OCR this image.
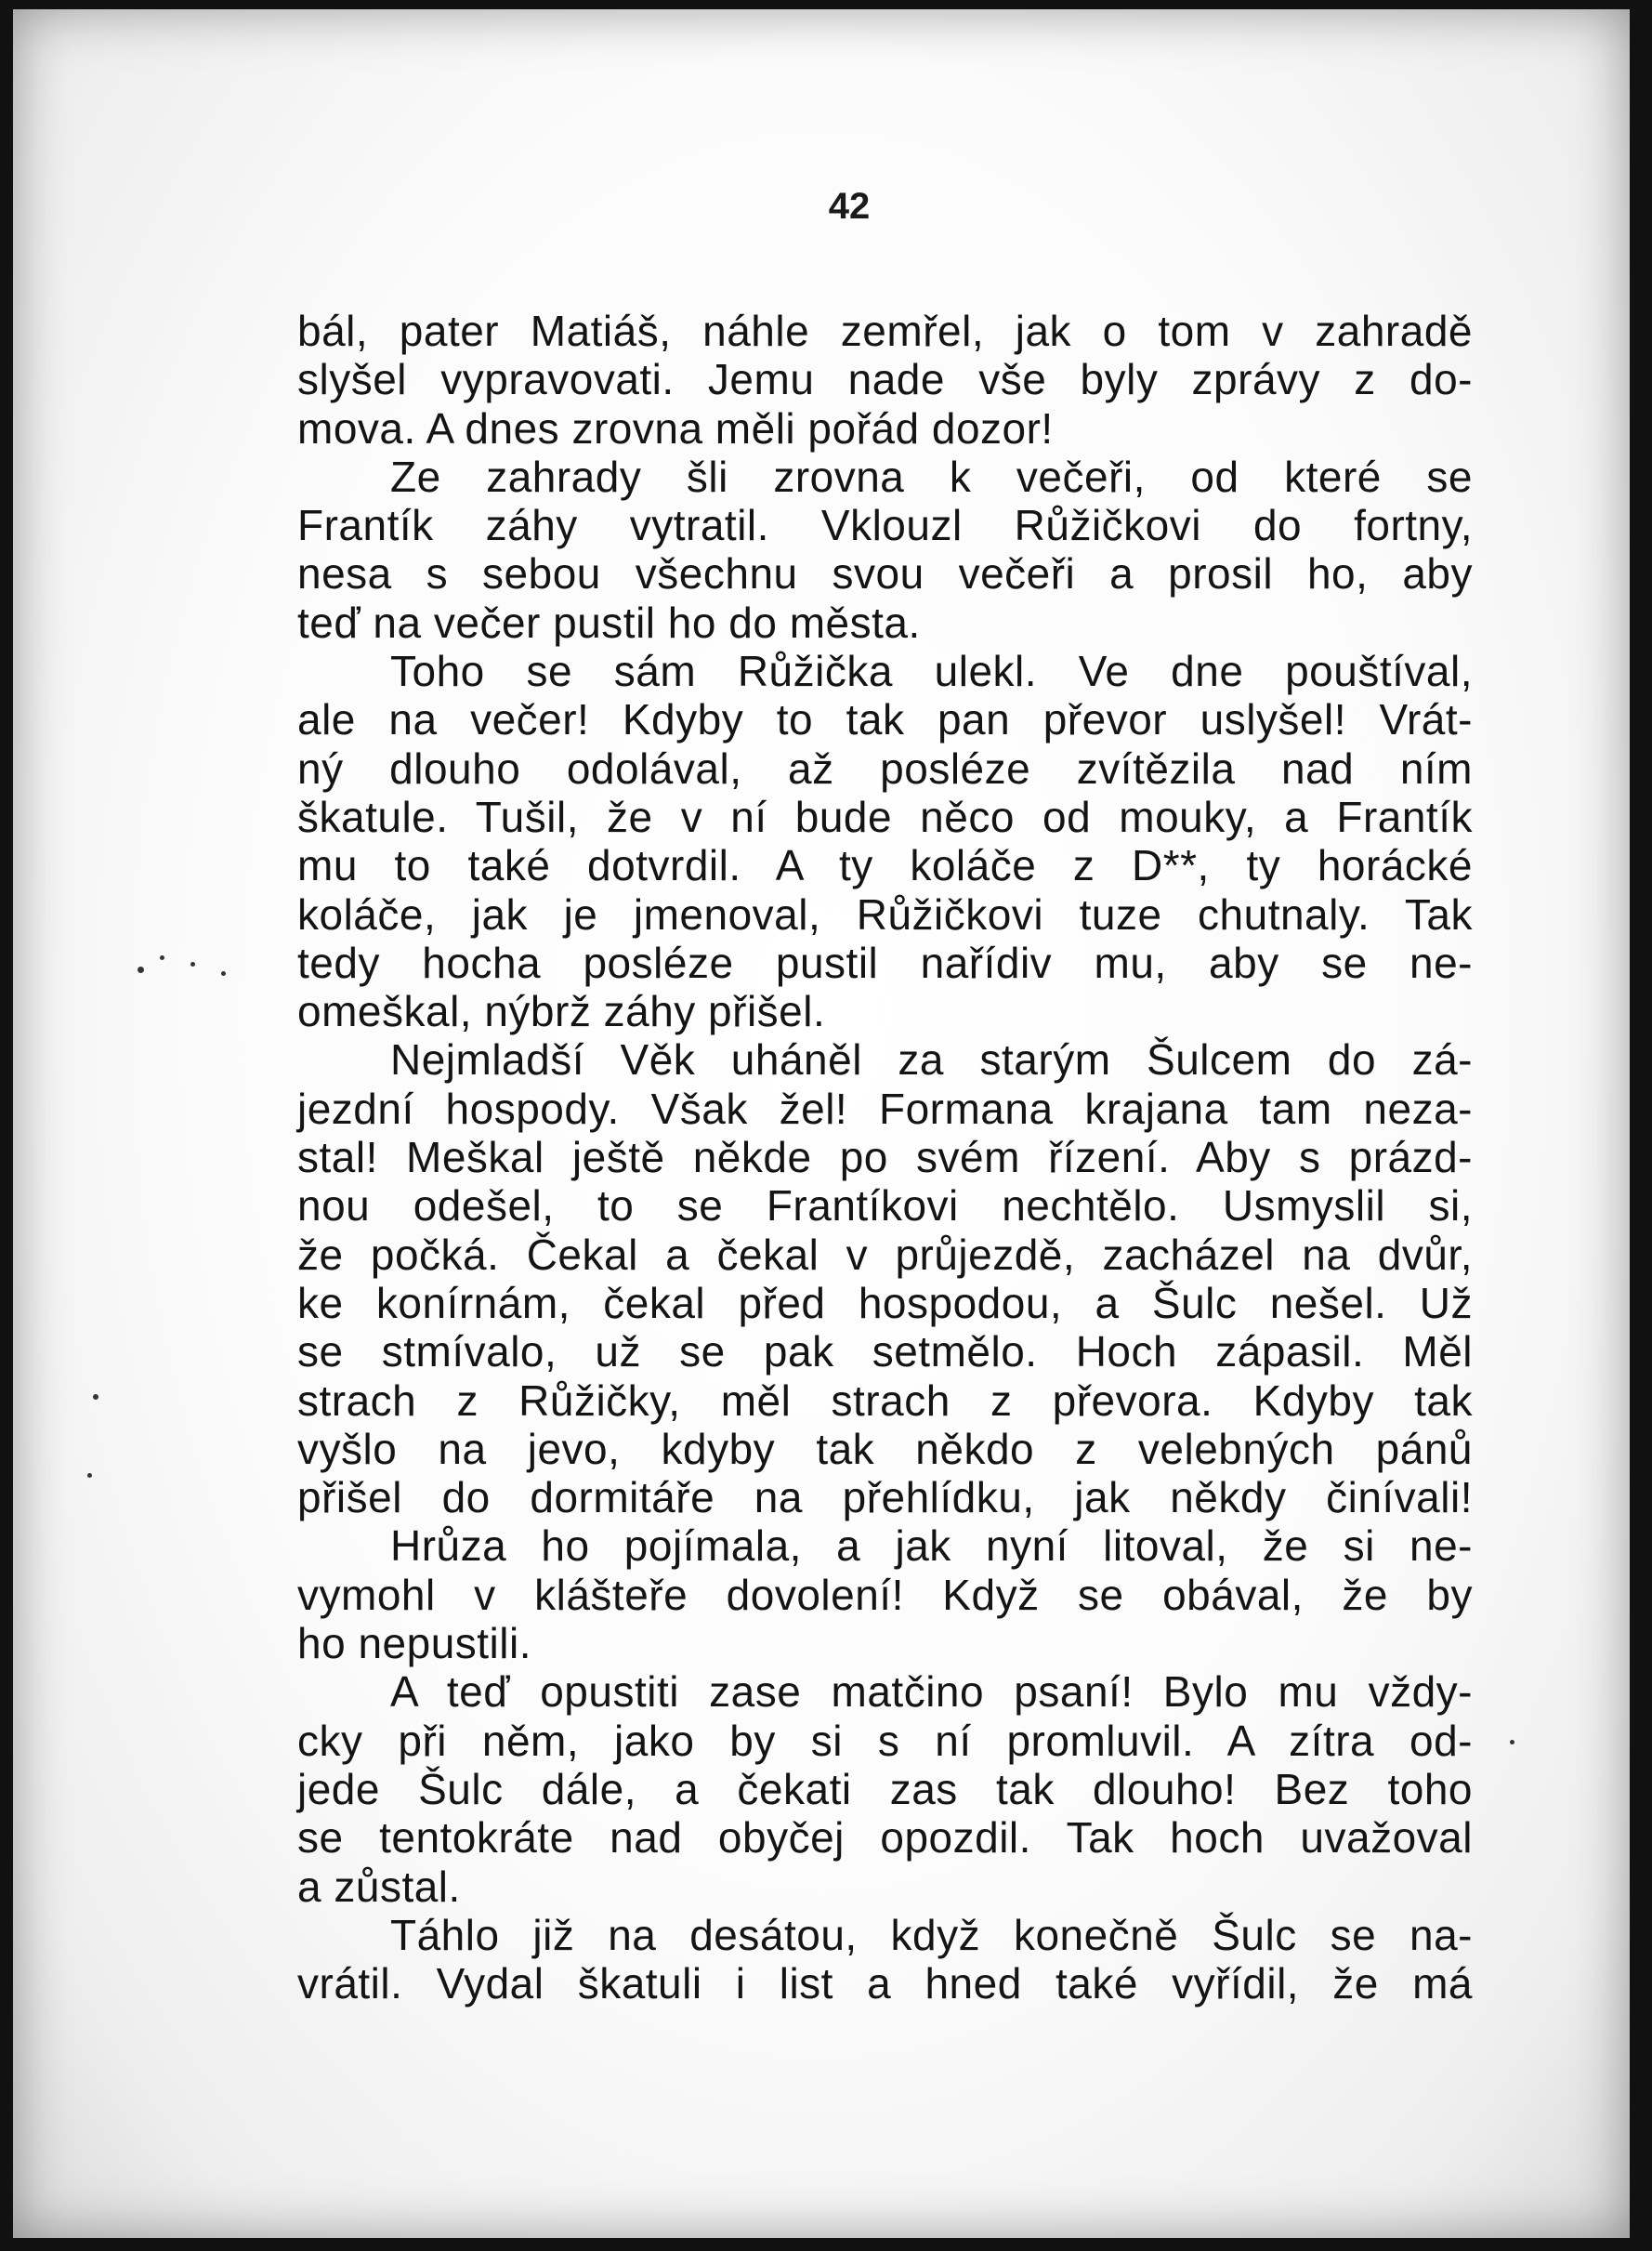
42
bál, pater Matiáš, náhle zemřel, jak o tom v zahradě
slyšel vypravovati. Jemu nade vše byly zprávy z do-
mova. A dnes zrovna měli pořád dozor!
Ze zahrady šli zrovna k večeři, od které se
Frantík záhy vytratil. Vklouzl Růžičkovi do fortny,
nesa s sebou všechnu svou večeři a prosil ho, aby
teď na večer pustil ho do města.
Toho se sám Růžička ulekl. Ve dne pouštíval,
ale na večer! Kdyby to tak pan převor uslyšel! Vrát-
ný dlouho odolával, až posléze zvítězila nad ním
škatule. Tušil, že v ní bude něco od mouky, a Frantík
mu to také dotvrdil. A ty koláče z D**, ty horácké
koláče, jak je jmenoval, Růžičkovi tuze chutnaly. Tak
tedy hocha posléze pustil nařídiv mu, aby se ne-
omeškal, nýbrž záhy přišel.
Nejmladší Věk uháněl za starým Šulcem do zá-
jezdní hospody. Však žel! Formana krajana tam neza-
stal! Meškal ještě někde po svém řízení. Aby s prázd-
nou odešel, to se Frantíkovi nechtělo. Usmyslil si,
že počká. Čekal a čekal v průjezdě, zacházel na dvůr,
ke konírnám, čekal před hospodou, a Šulc nešel. Už
se stmívalo, už se pak setmělo. Hoch zápasil. Měl
strach z Růžičky, měl strach z převora. Kdyby tak
vyšlo na jevo, kdyby tak někdo z velebných pánů
přišel do dormitáře na přehlídku, jak někdy činívali!
Hrůza ho pojímala, a jak nyní litoval, že si ne-
vymohl v klášteře dovolení! Když se obával, že by
ho nepustili.
A teď opustiti zase matčino psaní! Bylo mu vždy-
cky při něm, jako by si s ní promluvil. A zítra od-
jede Šulc dále, a čekati zas tak dlouho! Bez toho
se tentokráte nad obyčej opozdil. Tak hoch uvažoval
a zůstal.
Táhlo již na desátou, když konečně Šulc se na-
vrátil. Vydal škatuli i list a hned také vyřídil, že má
